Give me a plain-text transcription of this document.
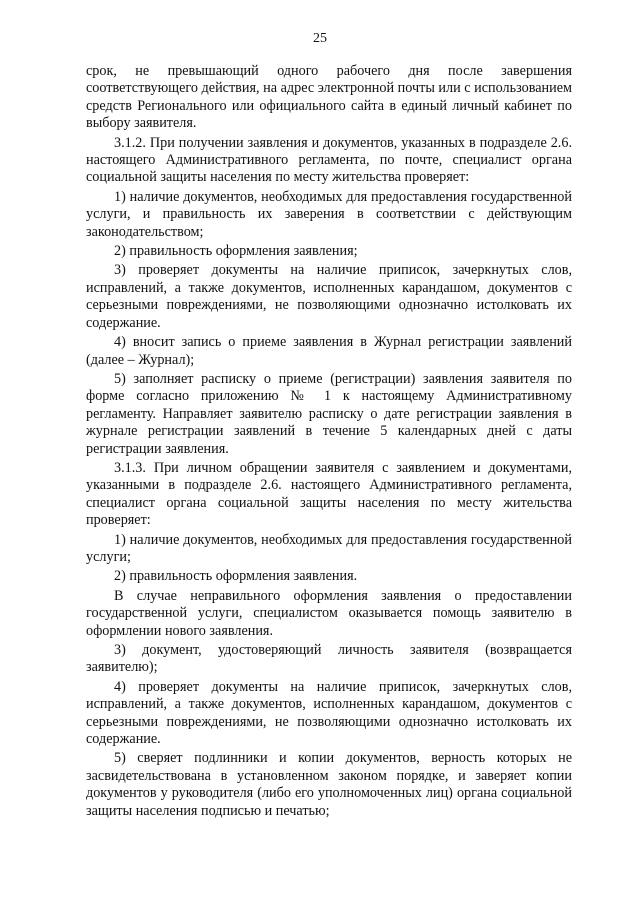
25

срок, не превышающий одного рабочего дня после завершения соответствующего действия, на адрес электронной почты или с использованием средств Регионального или официального сайта в единый личный кабинет по выбору заявителя.

3.1.2. При получении заявления и документов, указанных в подразделе 2.6. настоящего Административного регламента, по почте, специалист органа социальной защиты населения по месту жительства проверяет:

1) наличие документов, необходимых для предоставления государственной услуги, и правильность их заверения в соответствии с действующим законодательством;

2) правильность оформления заявления;

3) проверяет документы на наличие приписок, зачеркнутых слов, исправлений, а также документов, исполненных карандашом, документов с серьезными повреждениями, не позволяющими однозначно истолковать их содержание.

4) вносит запись о приеме заявления в Журнал регистрации заявлений (далее – Журнал);

5) заполняет расписку о приеме (регистрации) заявления заявителя по форме согласно приложению № 1 к настоящему Административному регламенту. Направляет заявителю расписку о дате регистрации заявления в журнале регистрации заявлений в течение 5 календарных дней с даты регистрации заявления.

3.1.3. При личном обращении заявителя с заявлением и документами, указанными в подразделе 2.6. настоящего Административного регламента, специалист органа социальной защиты населения по месту жительства проверяет:

1) наличие документов, необходимых для предоставления государственной услуги;

2) правильность оформления заявления.

В случае неправильного оформления заявления о предоставлении государственной услуги, специалистом оказывается помощь заявителю в оформлении нового заявления.

3) документ, удостоверяющий личность заявителя (возвращается заявителю);

4) проверяет документы на наличие приписок, зачеркнутых слов, исправлений, а также документов, исполненных карандашом, документов с серьезными повреждениями, не позволяющими однозначно истолковать их содержание.

5) сверяет подлинники и копии документов, верность которых не засвидетельствована в установленном законом порядке, и заверяет копии документов у руководителя (либо его уполномоченных лиц) органа социальной защиты населения подписью и печатью;
